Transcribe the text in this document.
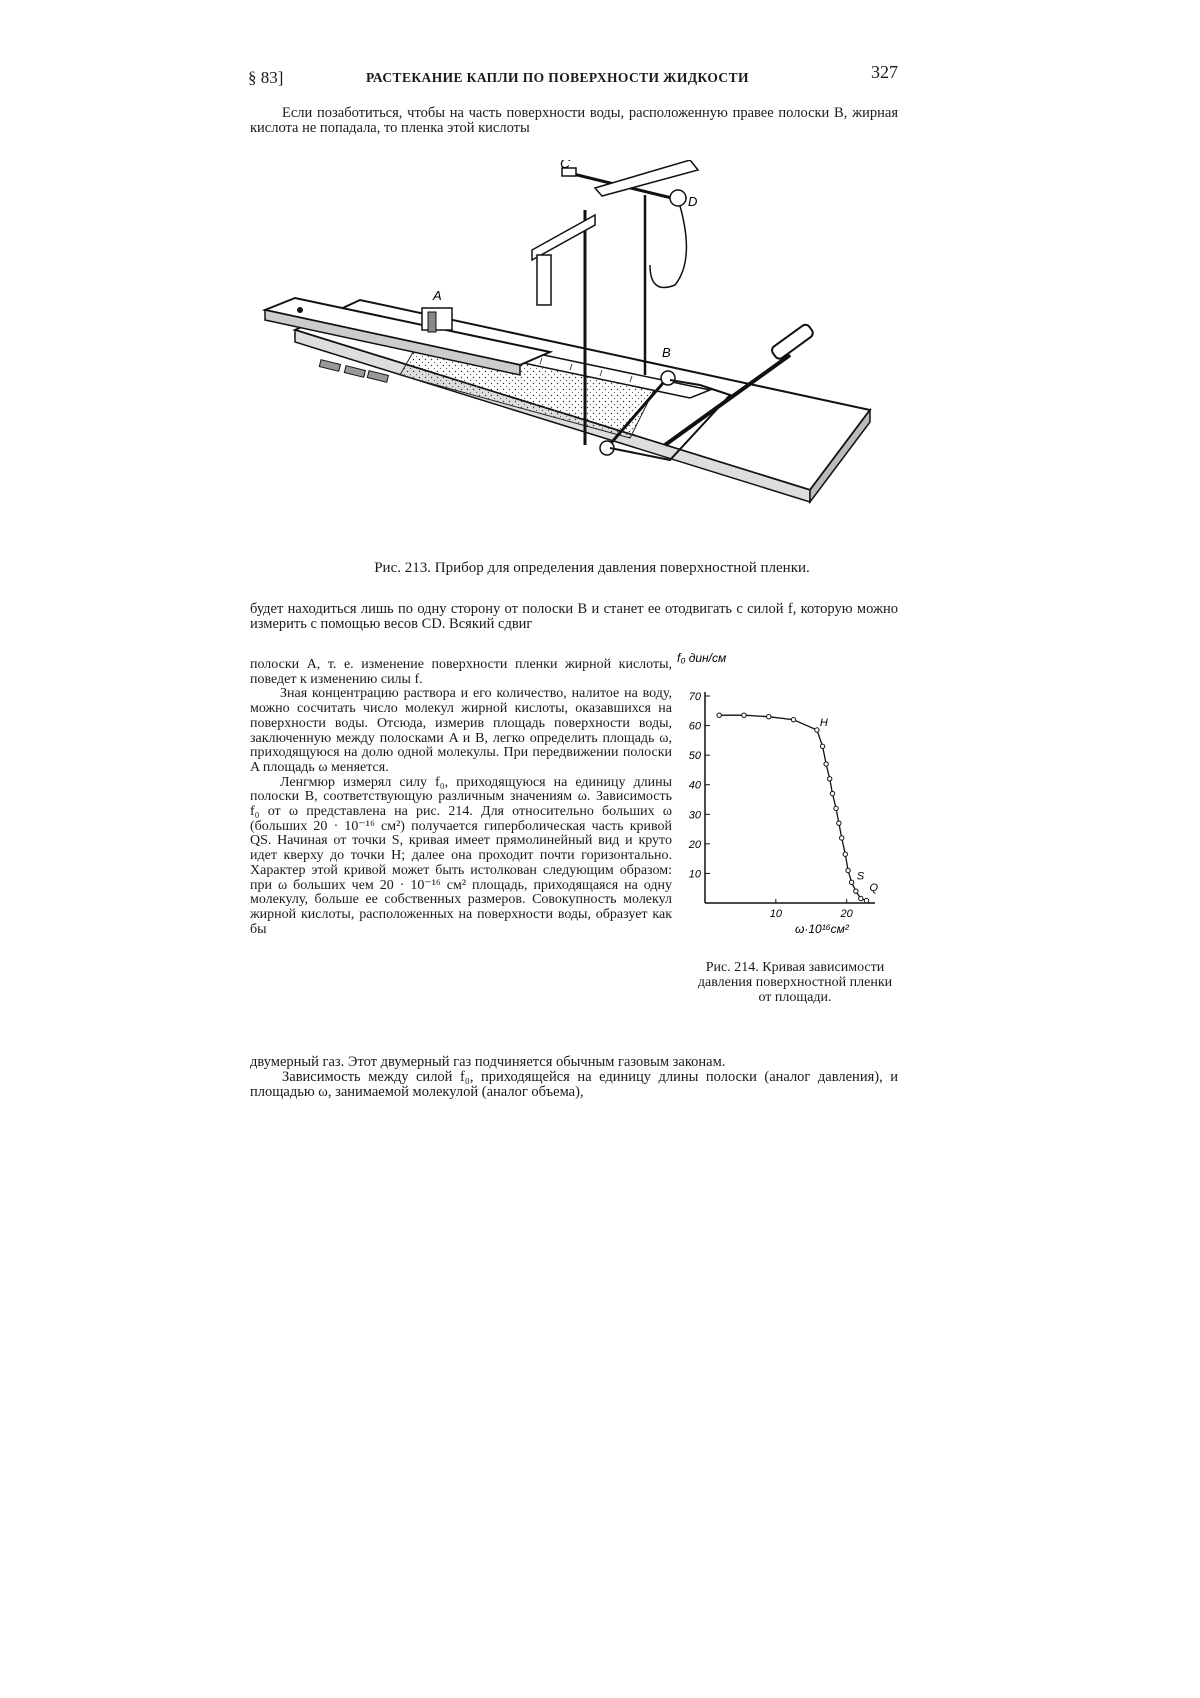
§ 83]	РАСТЕКАНИЕ КАПЛИ ПО ПОВЕРХНОСТИ ЖИДКОСТИ	327
Если позаботиться, чтобы на часть поверхности воды, расположенную правее полоски B, жирная кислота не попадала, то пленка этой кислоты
C
D
A
B
Рис. 213. Прибор для определения давления поверхностной пленки.
будет находиться лишь по одну сторону от полоски B и станет ее отодвигать с силой f, которую можно измерить с помощью весов CD. Всякий сдвиг

полоски A, т. е. изменение поверхности пленки жирной кислоты, поведет к изменению силы f.

Зная концентрацию раствора и его количество, налитое на воду, можно сосчитать число молекул жирной кислоты, оказавшихся на поверхности воды. Отсюда, измерив площадь поверхности воды, заключенную между полосками A и B, легко определить площадь ω, приходящуюся на долю одной молекулы. При передвижении полоски A площадь ω меняется.

Ленгмюр измерял силу f₀, приходящуюся на единицу длины полоски B, соответствующую различным значениям ω. Зависимость f₀ от ω представлена на рис. 214. Для относительно больших ω (больших 20 · 10⁻¹⁶ см²) получается гиперболическая часть кривой QS. Начиная от точки S, кривая имеет прямолинейный вид и круто идет кверху до точки H; далее она проходит почти горизонтально. Характер этой кривой может быть истолкован следующим образом: при ω больших чем 20 · 10⁻¹⁶ см² площадь, приходящаяся на одну молекулу, больше ее собственных размеров. Совокупность молекул жирной кислоты, расположенных на поверхности воды, образует как бы

f₀ дин/см
10
20
30
40
50
60
70
10	20
H
S
Q
ω·10¹⁶см²
Рис. 214. Кривая зависимости давления поверхностной пленки от площади.

двумерный газ. Этот двумерный газ подчиняется обычным газовым законам.

Зависимость между силой f₀, приходящейся на единицу длины полоски (аналог давления), и площадью ω, занимаемой молекулой (аналог объема),
